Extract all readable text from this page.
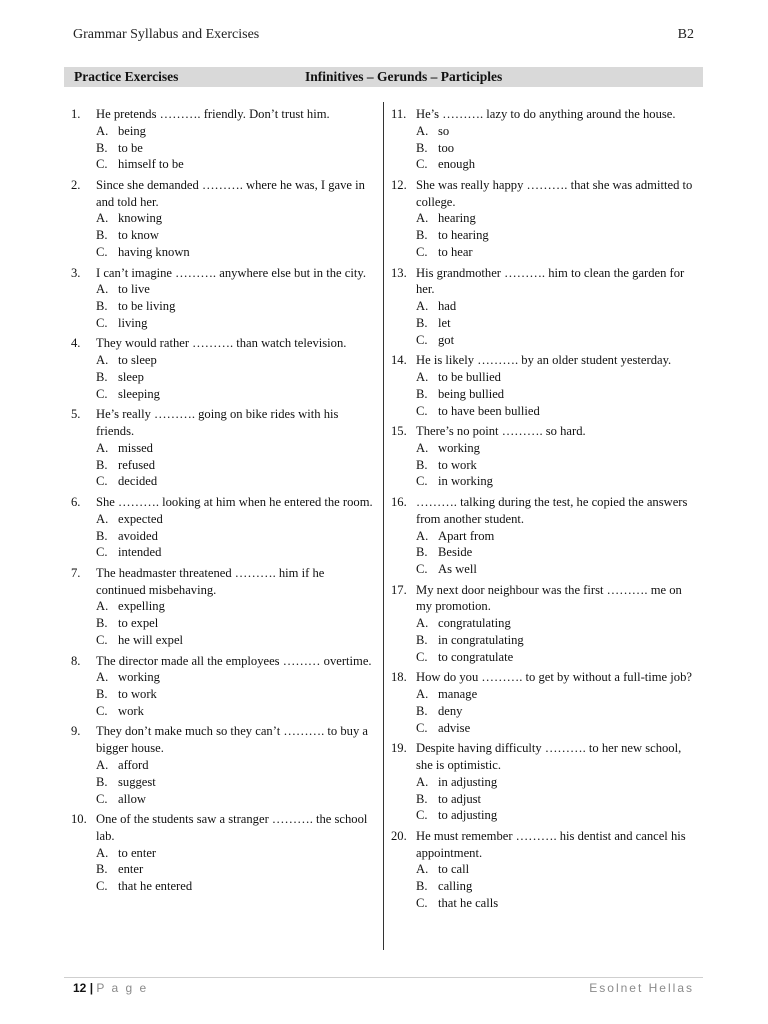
Grammar Syllabus and Exercises	B2
Practice Exercises	Infinitives – Gerunds – Participles
1. He pretends ………. friendly. Don’t trust him.
A. being
B. to be
C. himself to be
2. Since she demanded ………. where he was, I gave in and told her.
A. knowing
B. to know
C. having known
3. I can’t imagine ………. anywhere else but in the city.
A. to live
B. to be living
C. living
4. They would rather ………. than watch television.
A. to sleep
B. sleep
C. sleeping
5. He’s really ………. going on bike rides with his friends.
A. missed
B. refused
C. decided
6. She ………. looking at him when he entered the room.
A. expected
B. avoided
C. intended
7. The headmaster threatened ………. him if he continued misbehaving.
A. expelling
B. to expel
C. he will expel
8. The director made all the employees ……… overtime.
A. working
B. to work
C. work
9. They don’t make much so they can’t ………. to buy a bigger house.
A. afford
B. suggest
C. allow
10. One of the students saw a stranger ………. the school lab.
A. to enter
B. enter
C. that he entered
11. He’s ………. lazy to do anything around the house.
A. so
B. too
C. enough
12. She was really happy ………. that she was admitted to college.
A. hearing
B. to hearing
C. to hear
13. His grandmother ………. him to clean the garden for her.
A. had
B. let
C. got
14. He is likely ………. by an older student yesterday.
A. to be bullied
B. being bullied
C. to have been bullied
15. There’s no point ………. so hard.
A. working
B. to work
C. in working
16. ………. talking during the test, he copied the answers from another student.
A. Apart from
B. Beside
C. As well
17. My next door neighbour was the first ………. me on my promotion.
A. congratulating
B. in congratulating
C. to congratulate
18. How do you ………. to get by without a full-time job?
A. manage
B. deny
C. advise
19. Despite having difficulty ………. to her new school, she is optimistic.
A. in adjusting
B. to adjust
C. to adjusting
20. He must remember ………. his dentist and cancel his appointment.
A. to call
B. calling
C. that he calls
12 | P a g e	Esolnet Hellas
